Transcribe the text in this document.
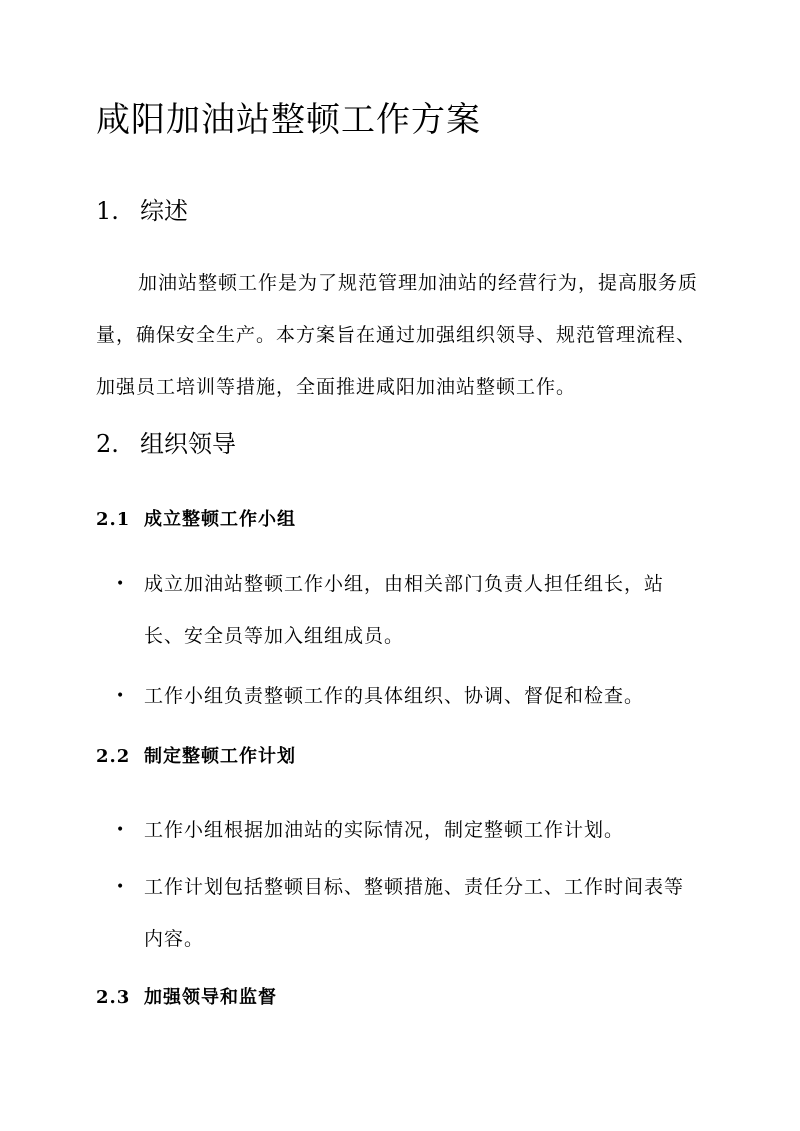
咸阳加油站整顿工作方案
1. 综述

加油站整顿工作是为了规范管理加油站的经营行为，提高服务质量，确保安全生产。本方案旨在通过加强组织领导、规范管理流程、加强员工培训等措施，全面推进咸阳加油站整顿工作。

2. 组织领导
2.1 成立整顿工作小组
• 成立加油站整顿工作小组，由相关部门负责人担任组长，站长、安全员等加入组组成员。
• 工作小组负责整顿工作的具体组织、协调、督促和检查。
2.2 制定整顿工作计划
• 工作小组根据加油站的实际情况，制定整顿工作计划。
• 工作计划包括整顿目标、整顿措施、责任分工、工作时间表等内容。
2.3 加强领导和监督
